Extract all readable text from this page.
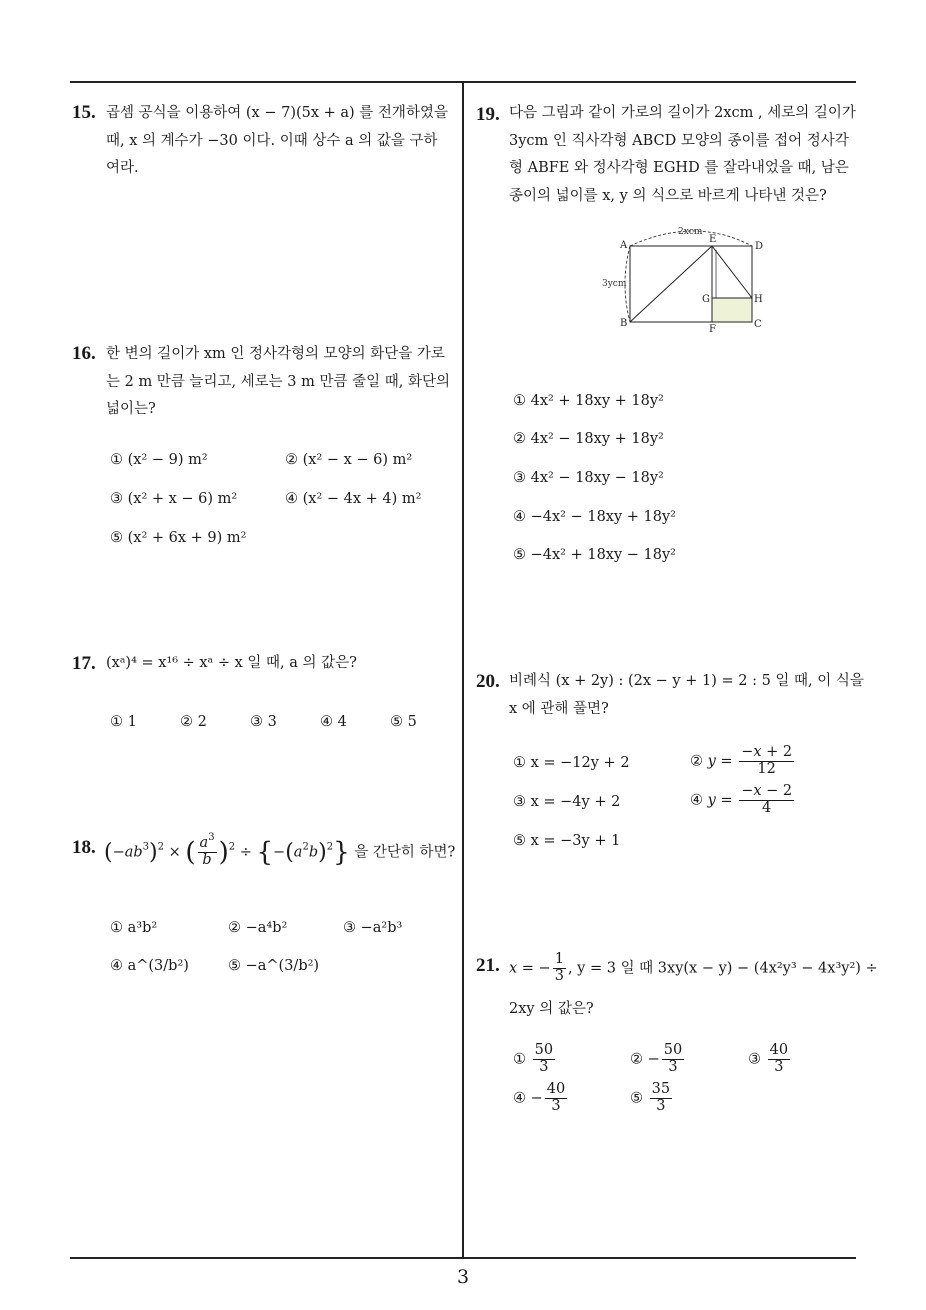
15. 곱셈 공식을 이용하여 (x − 7)(5x + a) 를 전개하였을
때, x 의 계수가 −30 이다. 이때 상수 a 의 값을 구하
여라.
16. 한 변의 길이가 xm 인 정사각형의 모양의 화단을 가로
는 2 m 만큼 늘리고, 세로는 3 m 만큼 줄일 때, 화단의
넓이는?
① (x² − 9) m²	② (x² − x − 6) m²
③ (x² + x − 6) m²	④ (x² − 4x + 4) m²
⑤ (x² + 6x + 9) m²
17. (xᵃ)⁴ = x¹⁶ ÷ xᵃ ÷ x 일 때, a 의 값은?
① 1	② 2	③ 3	④ 4	⑤ 5
18. $(-ab^3)^2$ × ( $\frac{a^3}{b} )^2 \div \{-(a^2b)^2\}$ 을 간단히 하면?
① a³b²	② −a⁴b²	③ −a²b³
④ a^(3/b²)	⑤ −a^(3/b²)
19. 다음 그림과 같이 가로의 길이가 2xcm , 세로의 길이가
3ycm 인 직사각형 ABCD 모양의 종이를 접어 정사각
형 ABFE 와 정사각형 EGHD 를 잘라내었을 때, 남은
종이의 넓이를 x, y 의 식으로 바르게 나타낸 것은?
2xcm
3ycm
A
E
D
G	H
B
F	C
① 4x² + 18xy + 18y²
② 4x² − 18xy + 18y²
③ 4x² − 18xy − 18y²
④ −4x² − 18xy + 18y²
⑤ −4x² + 18xy − 18y²
20. 비례식 (x + 2y) : (2x − y + 1) = 2 : 5 일 때, 이 식을
x 에 관해 풀면?
① x = −12y + 2	② $y = \frac{-x + 2}{12}$
③ x = −4y + 2	④ $y = \frac{-x - 2}{4}$
⑤ x = −3y + 1
21. x = − $\frac{1}{3}$ , y = 3 일 때 3xy(x − y) − (4x²y³ − 4x³y²) ÷
2xy 의 값은?
① $\frac{50}{3}$	② − $\frac{50}{3}$	③ $\frac{40}{3}$
④ − $\frac{40}{3}$	⑤ $\frac{35}{3}$
3
